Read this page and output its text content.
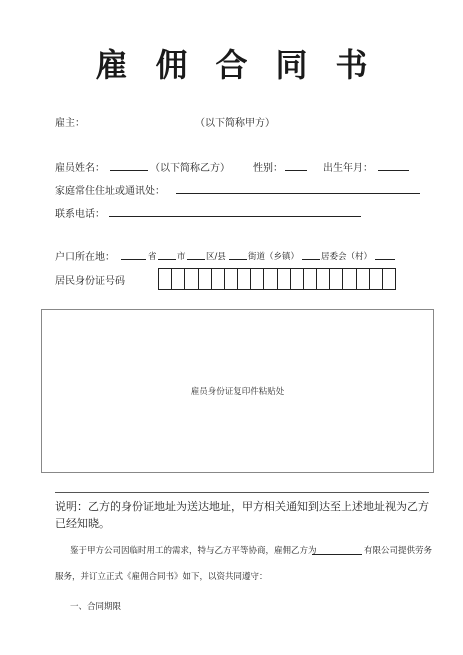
雇佣合同书
雇主：	（以下简称甲方）
雇员姓名：	（以下简称乙方） 性别：	出生年月：
家庭常住住址或通讯处：
联系电话：
户口所在地：	省 市 区/县	街道（乡镇）	居委会（村）
居民身份证号码
雇员身份证复印件粘贴处
说明：乙方的身份证地址为送达地址，甲方相关通知到达至上述地址视为乙方已经知晓。
鉴于甲方公司因临时用工的需求，特与乙方平等协商，雇佣乙方为	有限公司提供劳务
服务，并订立正式《雇佣合同书》如下，以资共同遵守：
一、合同期限
